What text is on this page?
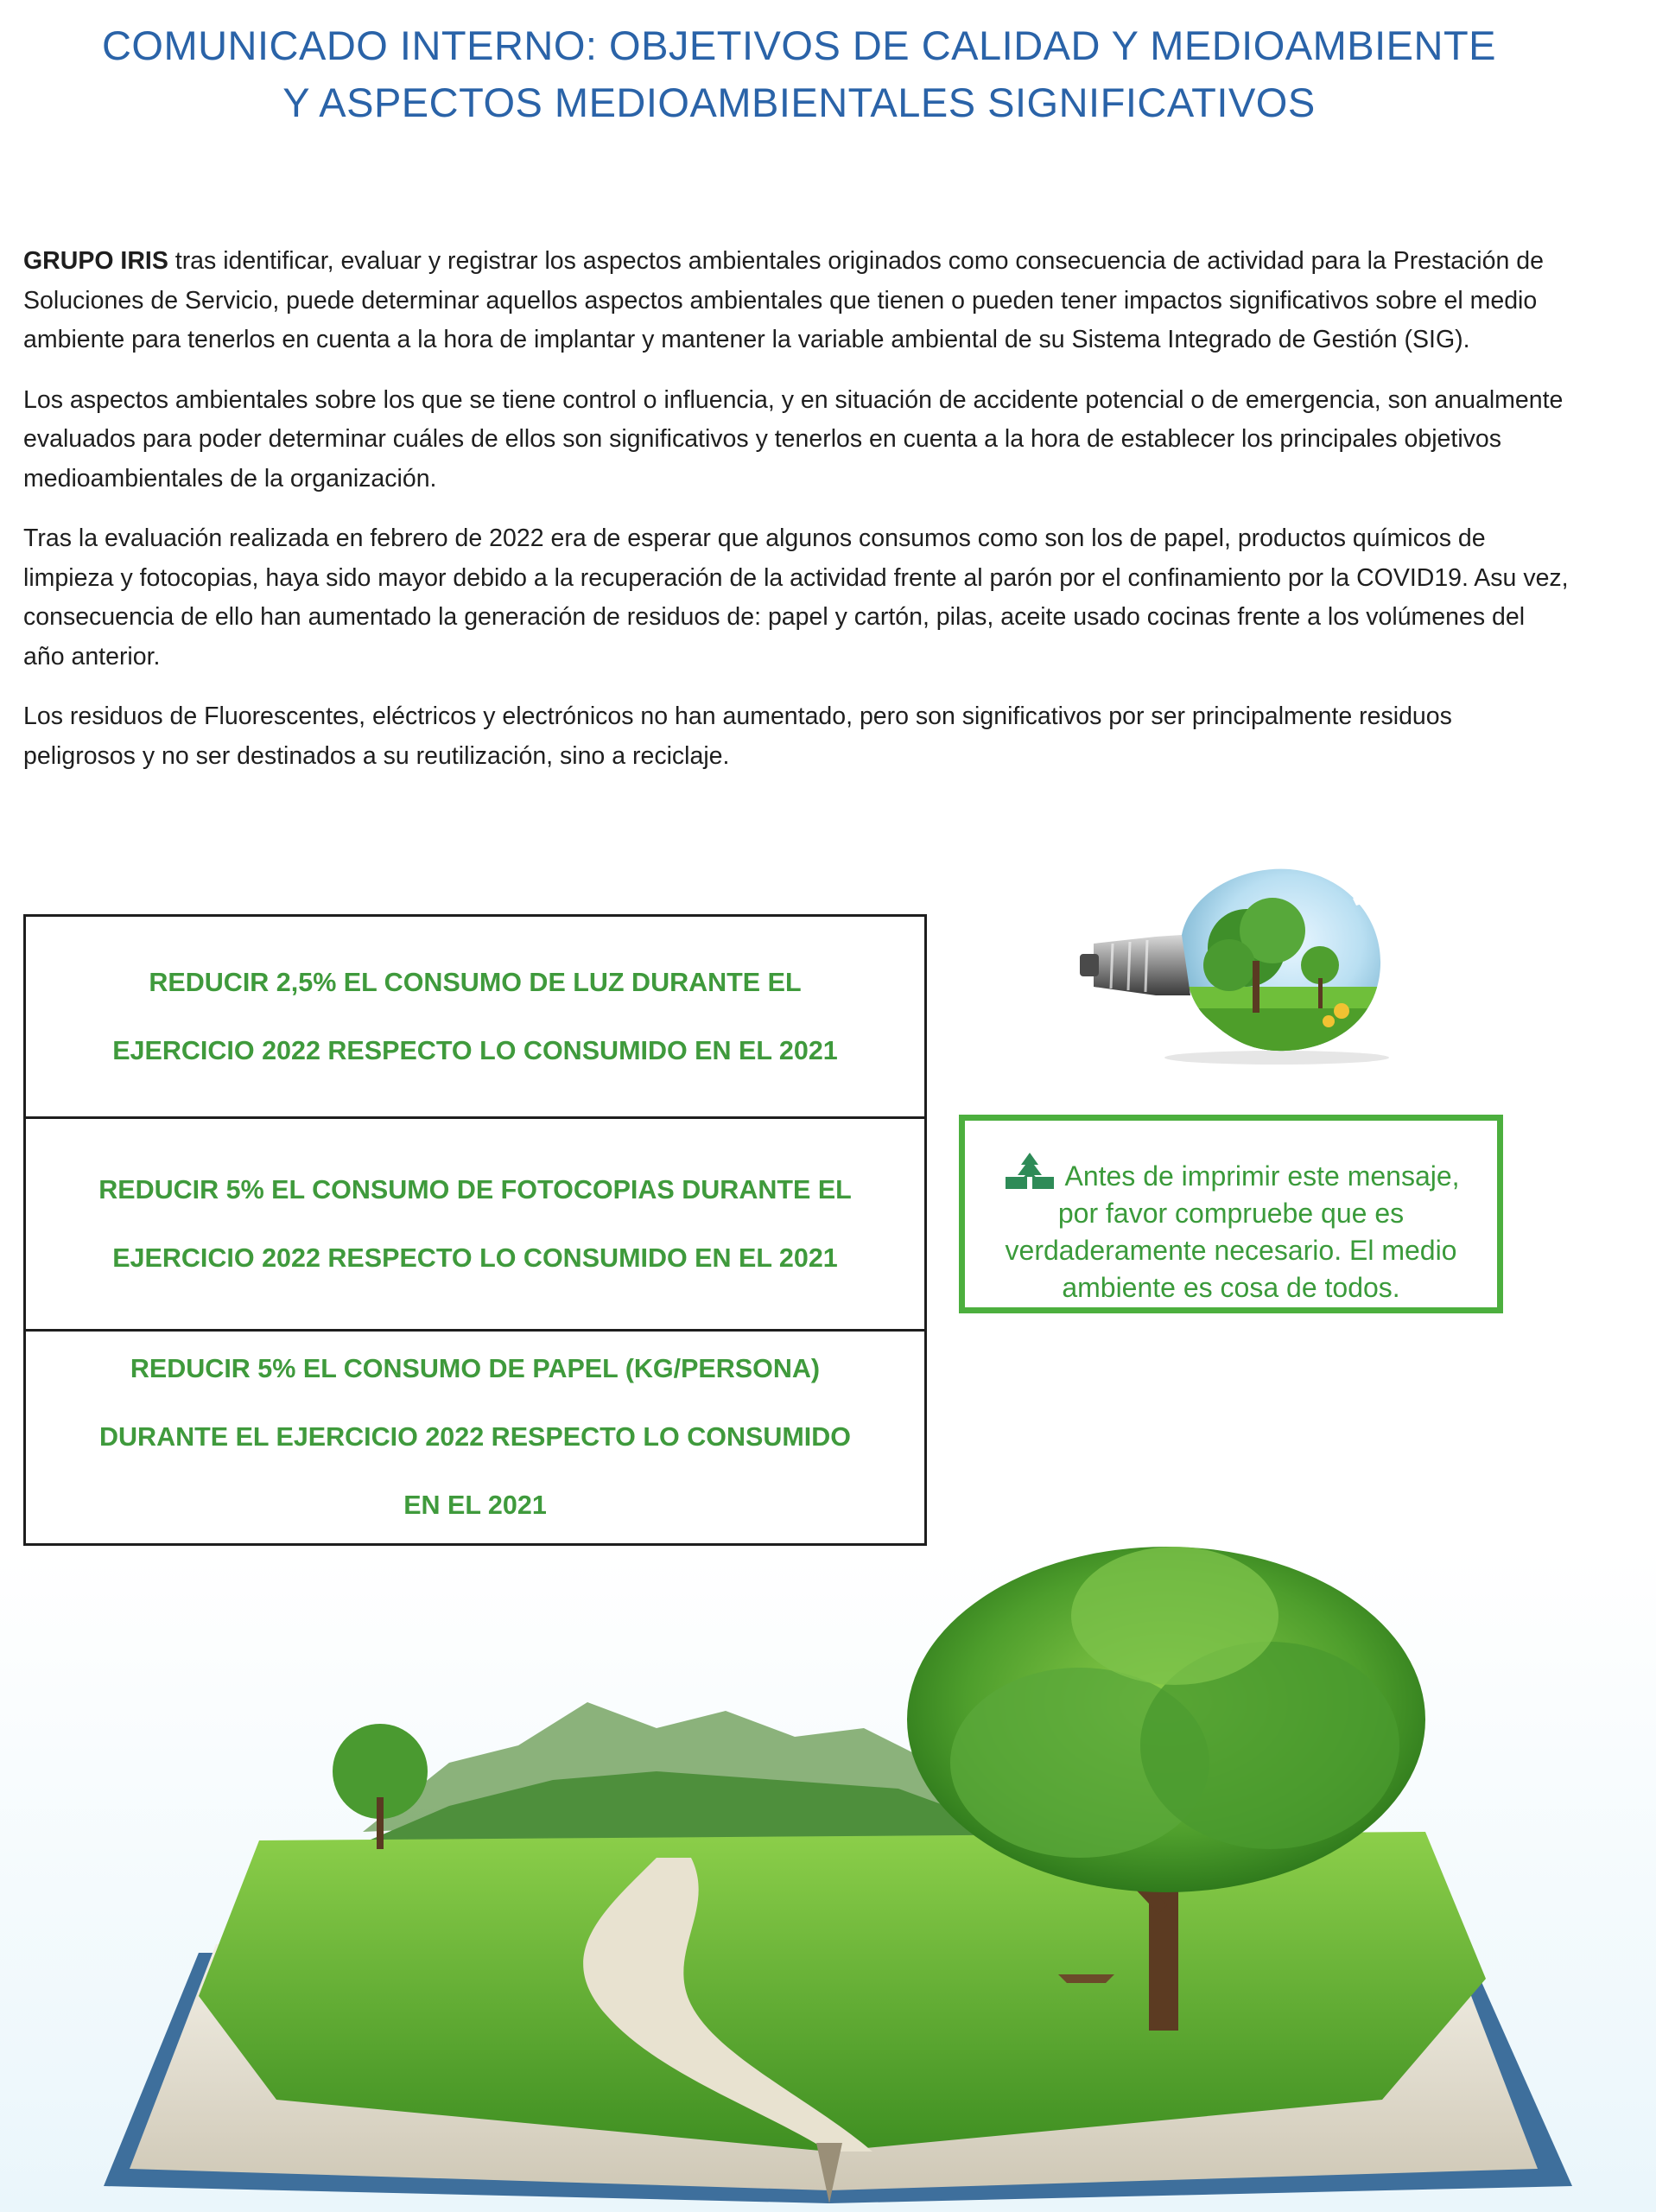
COMUNICADO INTERNO: OBJETIVOS DE CALIDAD Y MEDIOAMBIENTE
Y ASPECTOS MEDIOAMBIENTALES SIGNIFICATIVOS

GRUPO IRIS tras identificar, evaluar y registrar los aspectos ambientales originados como consecuencia de actividad para la Prestación de Soluciones de Servicio, puede determinar aquellos aspectos ambientales que tienen o pueden tener impactos significativos sobre el medio ambiente para tenerlos en cuenta a la hora de implantar y mantener la variable ambiental de su Sistema Integrado de Gestión (SIG).

Los aspectos ambientales sobre los que se tiene control o influencia, y en situación de accidente potencial o de emergencia, son anualmente evaluados para poder determinar cuáles de ellos son significativos y tenerlos en cuenta a la hora de establecer los principales objetivos medioambientales de la organización.

Tras la evaluación realizada en febrero de 2022 era de esperar que algunos consumos como son los de papel, productos químicos de limpieza y fotocopias, haya sido mayor debido a la recuperación de la actividad frente al parón por el confinamiento por la COVID19. Asu vez, consecuencia de ello han aumentado la generación de residuos de: papel y cartón, pilas, aceite usado cocinas frente a los volúmenes del año anterior.

Los residuos de Fluorescentes, eléctricos y electrónicos no han aumentado, pero son significativos por ser principalmente residuos peligrosos y no ser destinados a su reutilización, sino a reciclaje.

REDUCIR 2,5% EL CONSUMO DE LUZ DURANTE EL
EJERCICIO 2022 RESPECTO LO CONSUMIDO EN EL 2021
REDUCIR 5% EL CONSUMO DE FOTOCOPIAS DURANTE EL
EJERCICIO 2022 RESPECTO LO CONSUMIDO EN EL 2021
REDUCIR 5% EL CONSUMO DE PAPEL (KG/PERSONA)
DURANTE EL EJERCICIO 2022 RESPECTO LO CONSUMIDO
EN EL 2021
Antes de imprimir este mensaje,
por favor compruebe que es
verdaderamente necesario. El medio
ambiente es cosa de todos.
